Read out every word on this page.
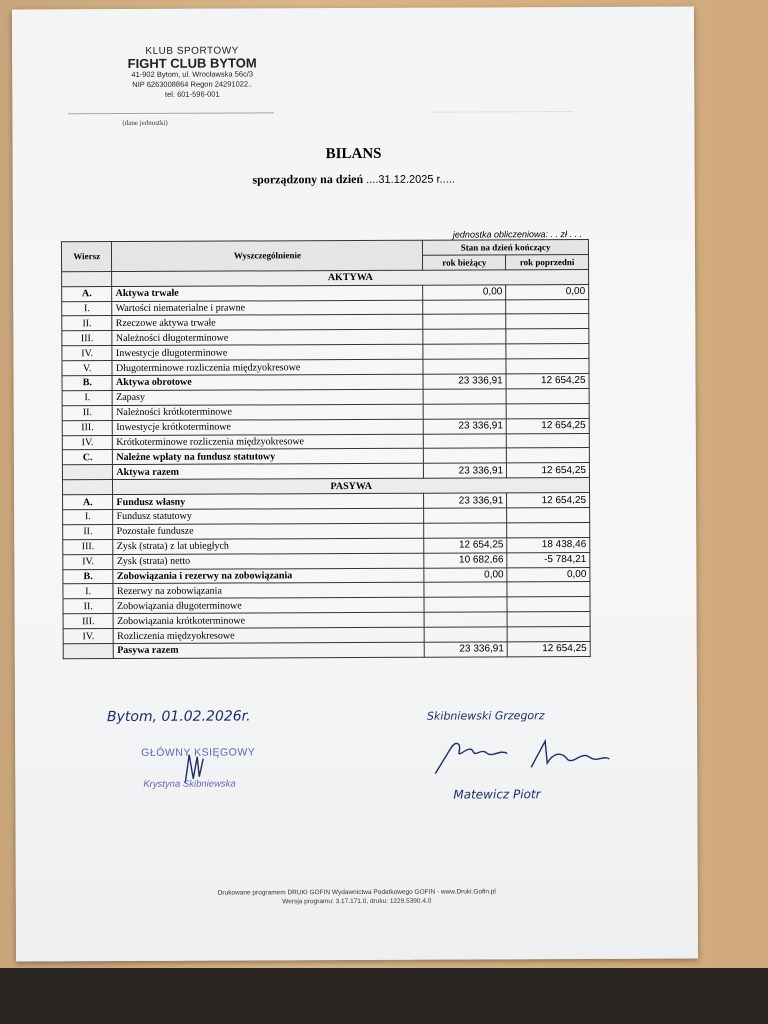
KLUB SPORTOWY
FIGHT CLUB BYTOM
41-902 Bytom, ul. Wrocławska 56c/3
NIP 6263008864 Regon 24291022..
tel. 601-596-001
(dane jednostki)
BILANS
sporządzony na dzień ....31.12.2025 r.....
jednostka obliczeniowa: . . zł . . .
Wiersz	Wyszczególnienie	Stan na dzień kończący	
		rok bieżący	rok poprzedni
	AKTYWA		
A.	Aktywa trwałe	0,00	0,00
I.	Wartości niematerialne i prawne		
II.	Rzeczowe aktywa trwałe		
III.	Należności długoterminowe		
IV.	Inwestycje długoterminowe		
V.	Długoterminowe rozliczenia międzyokresowe		
B.	Aktywa obrotowe	23 336,91	12 654,25
I.	Zapasy		
II.	Należności krótkoterminowe		
III.	Inwestycje krótkoterminowe	23 336,91	12 654,25
IV.	Krótkoterminowe rozliczenia międzyokresowe		
C.	Należne wpłaty na fundusz statutowy		
	Aktywa razem	23 336,91	12 654,25
	PASYWA		
A.	Fundusz własny	23 336,91	12 654,25
I.	Fundusz statutowy		
II.	Pozostałe fundusze		
III.	Zysk (strata) z lat ubiegłych	12 654,25	18 438,46
IV.	Zysk (strata) netto	10 682,66	-5 784,21
B.	Zobowiązania i rezerwy na zobowiązania	0,00	0,00
I.	Rezerwy na zobowiązania		
II.	Zobowiązania długoterminowe		
III.	Zobowiązania krótkoterminowe		
IV.	Rozliczenia międzyokresowe		
	Pasywa razem	23 336,91	12 654,25
Bytom, 01.02.2026r.
GŁÓWNY KSIĘGOWY
Krystyna Skibniewska
Skibniewski Grzegorz
Matewicz Piotr
Drukowane programem DRUKI GOFIN Wydawnictwa Podatkowego GOFIN - www.Druki.Gofin.pl
Wersja programu: 3.17.171.0, druku: 1229.5390.4.0
